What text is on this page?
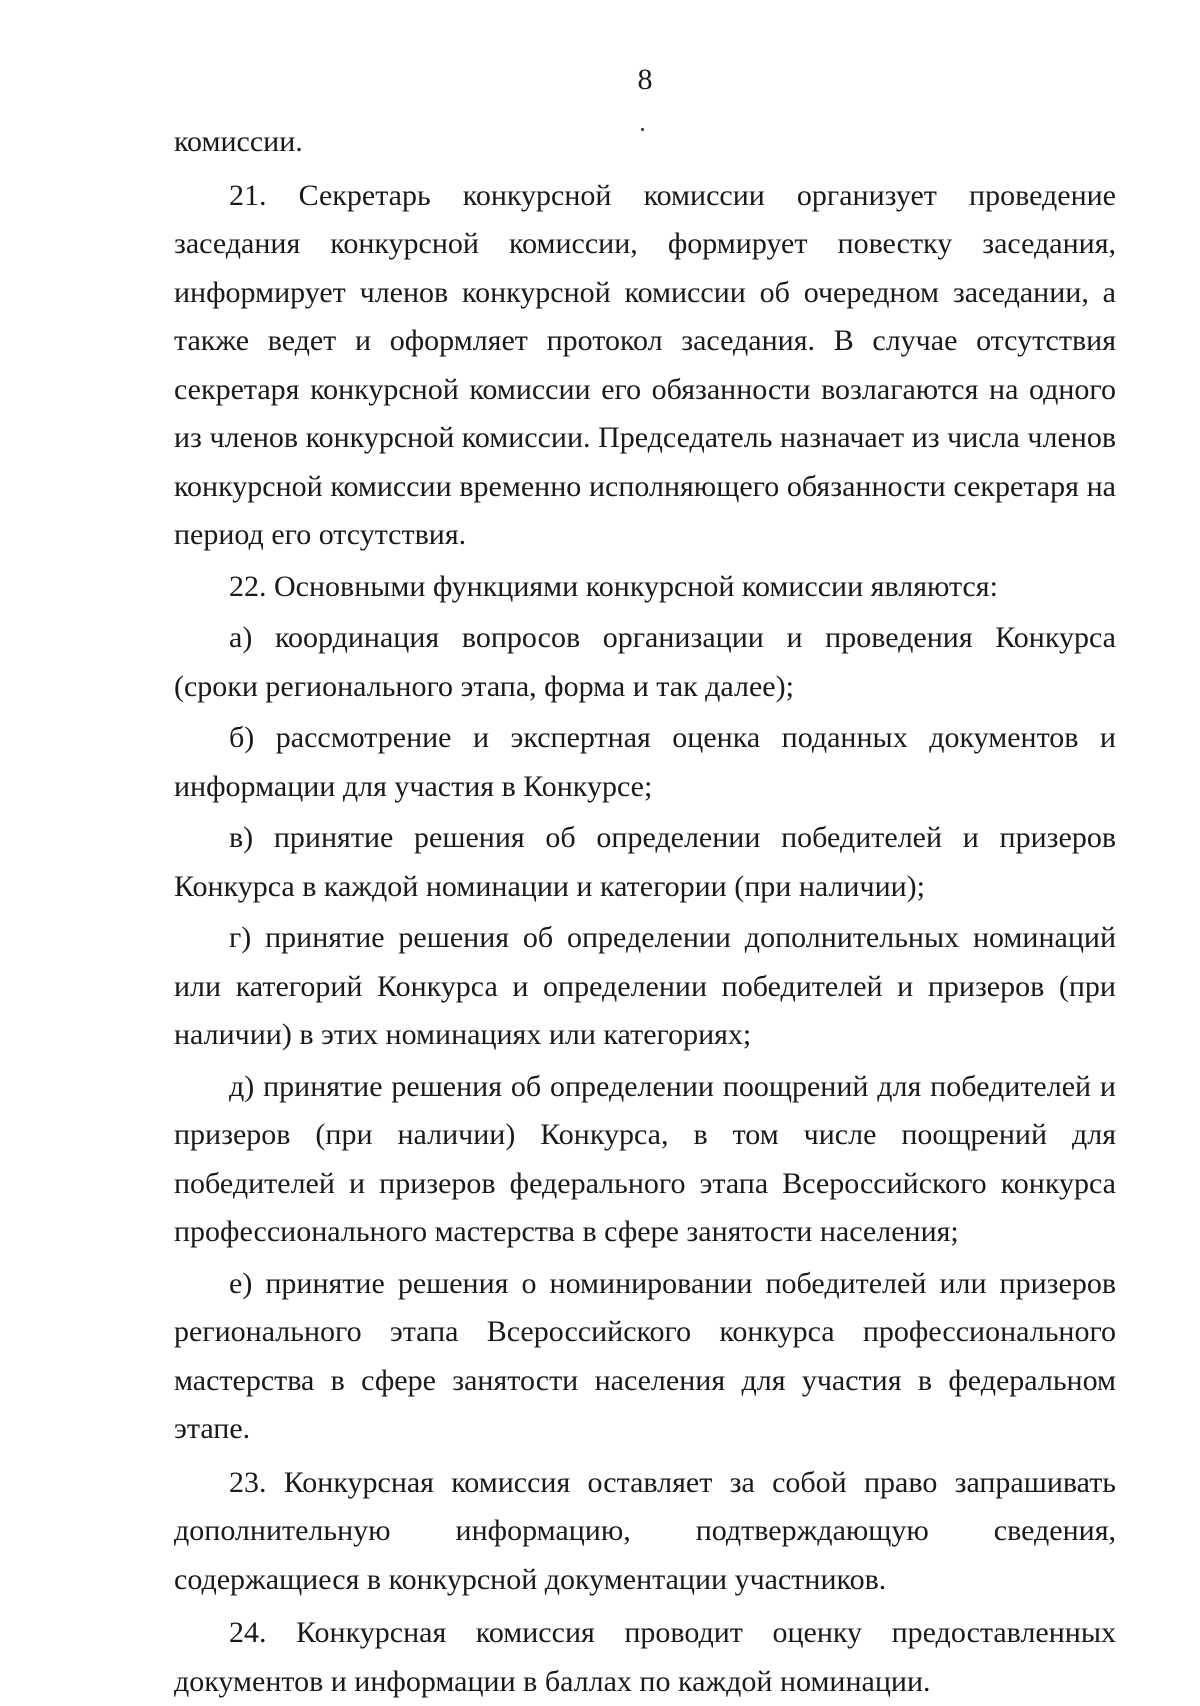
8

комиссии.

21. Секретарь конкурсной комиссии организует проведение заседания конкурсной комиссии, формирует повестку заседания, информирует членов конкурсной комиссии об очередном заседании, а также ведет и оформляет протокол заседания. В случае отсутствия секретаря конкурсной комиссии его обязанности возлагаются на одного из членов конкурсной комиссии. Председатель назначает из числа членов конкурсной комиссии временно исполняющего обязанности секретаря на период его отсутствия.

22. Основными функциями конкурсной комиссии являются:

а) координация вопросов организации и проведения Конкурса (сроки регионального этапа, форма и так далее);

б) рассмотрение и экспертная оценка поданных документов и информации для участия в Конкурсе;

в) принятие решения об определении победителей и призеров Конкурса в каждой номинации и категории (при наличии);

г) принятие решения об определении дополнительных номинаций или категорий Конкурса и определении победителей и призеров (при наличии) в этих номинациях или категориях;

д) принятие решения об определении поощрений для победителей и призеров (при наличии) Конкурса, в том числе поощрений для победителей и призеров федерального этапа Всероссийского конкурса профессионального мастерства в сфере занятости населения;

е) принятие решения о номинировании победителей или призеров регионального этапа Всероссийского конкурса профессионального мастерства в сфере занятости населения для участия в федеральном этапе.

23. Конкурсная комиссия оставляет за собой право запрашивать дополнительную информацию, подтверждающую сведения, содержащиеся в конкурсной документации участников.

24. Конкурсная комиссия проводит оценку предоставленных документов и информации в баллах по каждой номинации.
